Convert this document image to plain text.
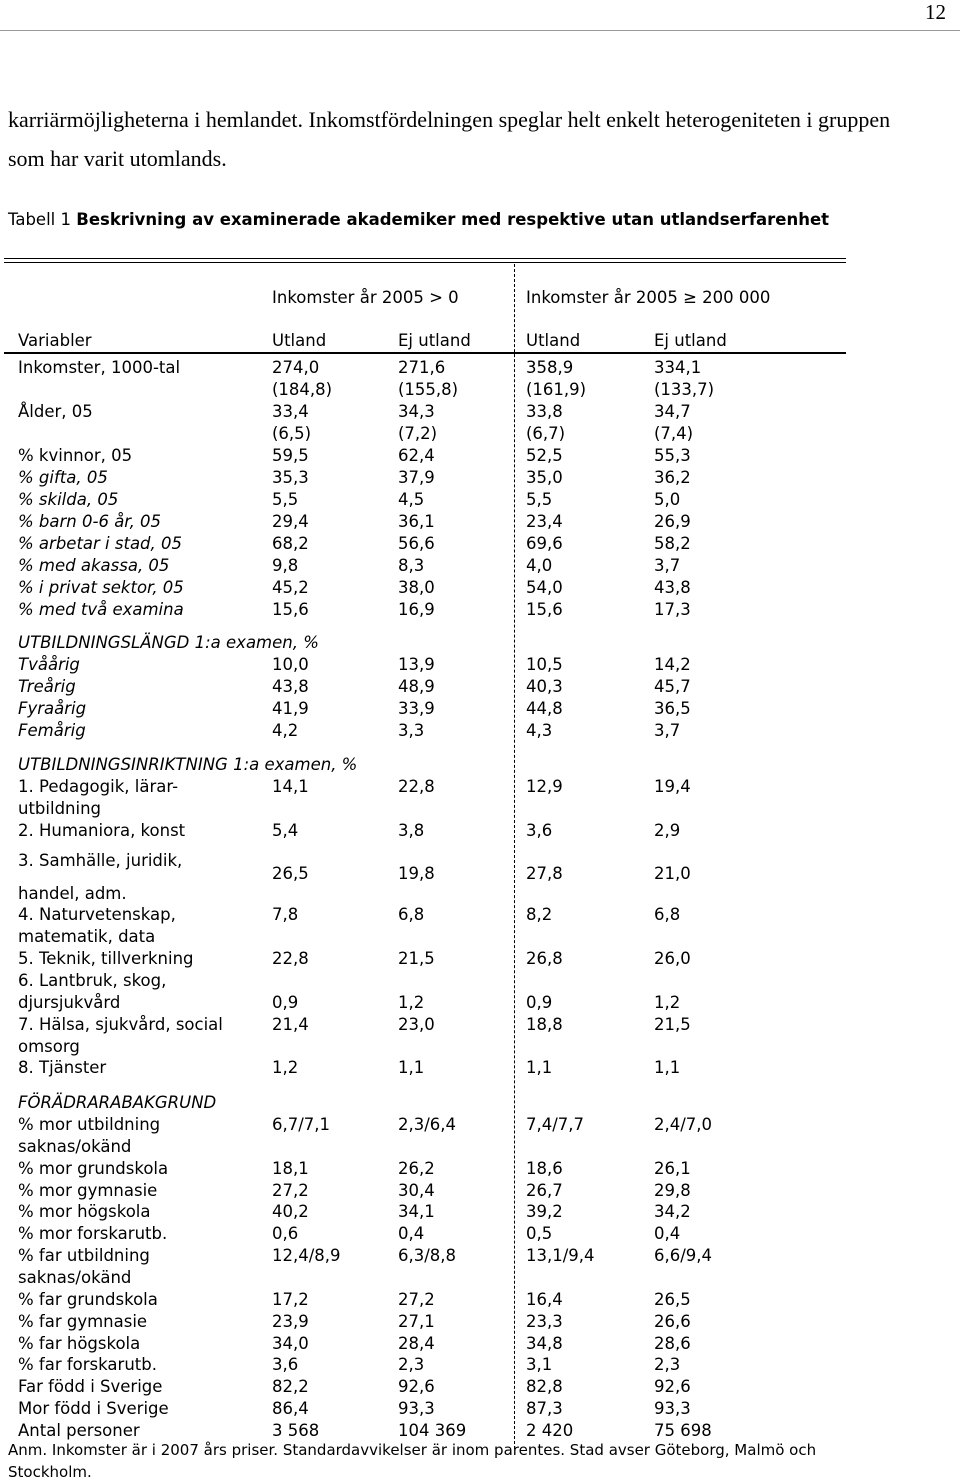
12
karriärmöjligheterna i hemlandet. Inkomstfördelningen speglar helt enkelt heterogeniteten i gruppen som har varit utomlands.
Tabell 1 Beskrivning av examinerade akademiker med respektive utan utlandserfarenhet
Inkomster år 2005 > 0	Inkomster år 2005 ≥ 200 000
Variabler	Utland	Ej utland	Utland	Ej utland
Inkomster, 1000-tal	274,0	271,6	358,9	334,1
(184,8)	(155,8)	(161,9)	(133,7)
Ålder, 05	33,4	34,3	33,8	34,7
(6,5)	(7,2)	(6,7)	(7,4)
% kvinnor, 05	59,5	62,4	52,5	55,3
% gifta, 05	35,3	37,9	35,0	36,2
% skilda, 05	5,5	4,5	5,5	5,0
% barn 0-6 år, 05	29,4	36,1	23,4	26,9
% arbetar i stad, 05	68,2	56,6	69,6	58,2
% med akassa, 05	9,8	8,3	4,0	3,7
% i privat sektor, 05	45,2	38,0	54,0	43,8
% med två examina	15,6	16,9	15,6	17,3
UTBILDNINGSLÄNGD 1:a examen, %
Tvåårig	10,0	13,9	10,5	14,2
Treårig	43,8	48,9	40,3	45,7
Fyraårig	41,9	33,9	44,8	36,5
Femårig	4,2	3,3	4,3	3,7
UTBILDNINGSINRIKTNING 1:a examen, %
1. Pedagogik, lärar-	14,1	22,8	12,9	19,4
utbildning
2. Humaniora, konst	5,4	3,8	3,6	2,9
3. Samhälle, juridik,
26,5	19,8	27,8	21,0
handel, adm.
4. Naturvetenskap,	7,8	6,8	8,2	6,8
matematik, data
5. Teknik, tillverkning	22,8	21,5	26,8	26,0
6. Lantbruk, skog,
djursjukvård	0,9	1,2	0,9	1,2
7. Hälsa, sjukvård, social	21,4	23,0	18,8	21,5
omsorg
8. Tjänster	1,2	1,1	1,1	1,1
FÖRÄDRARABAKGRUND
% mor utbildning	6,7/7,1	2,3/6,4	7,4/7,7	2,4/7,0
saknas/okänd
% mor grundskola	18,1	26,2	18,6	26,1
% mor gymnasie	27,2	30,4	26,7	29,8
% mor högskola	40,2	34,1	39,2	34,2
% mor forskarutb.	0,6	0,4	0,5	0,4
% far utbildning	12,4/8,9	6,3/8,8	13,1/9,4	6,6/9,4
saknas/okänd
% far grundskola	17,2	27,2	16,4	26,5
% far gymnasie	23,9	27,1	23,3	26,6
% far högskola	34,0	28,4	34,8	28,6
% far forskarutb.	3,6	2,3	3,1	2,3
Far född i Sverige	82,2	92,6	82,8	92,6
Mor född i Sverige	86,4	93,3	87,3	93,3
Antal personer	3 568	104 369	2 420	75 698
Anm. Inkomster är i 2007 års priser. Standardavvikelser är inom parentes. Stad avser Göteborg, Malmö och Stockholm.
